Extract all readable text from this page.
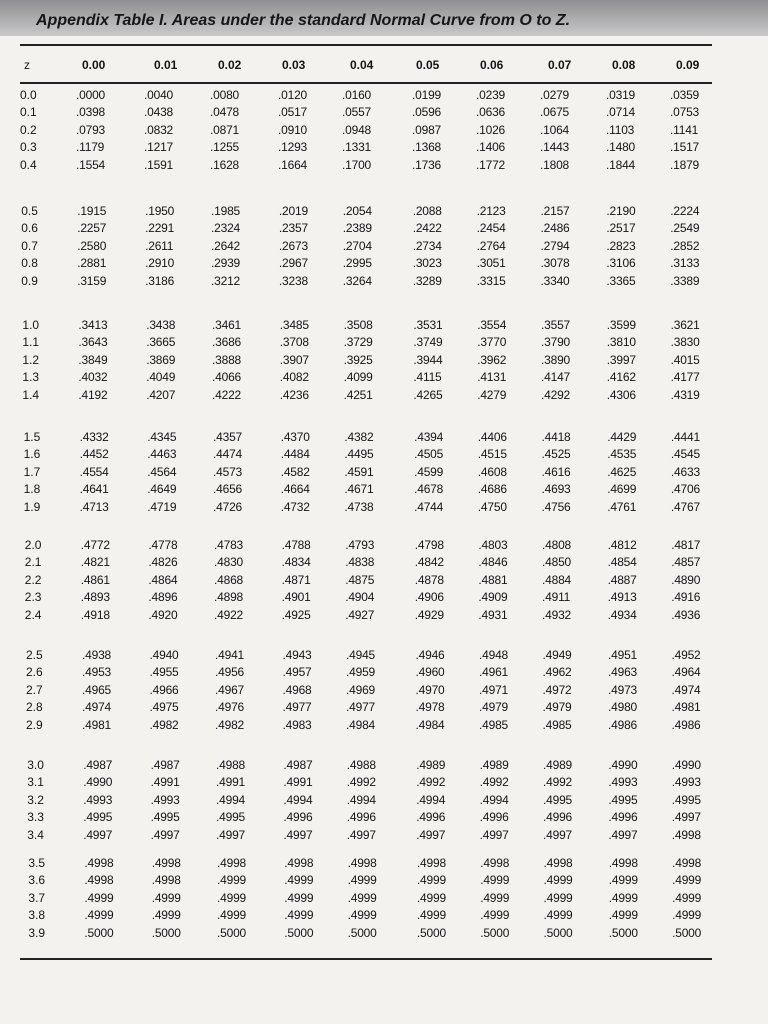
Appendix Table I. Areas under the standard Normal Curve from O to Z.
z	0.00	0.01	0.02	0.03	0.04	0.05	0.06	0.07	0.08	0.09
0.0	.0000	.0040	.0080	.0120	.0160	.0199	.0239	.0279	.0319	.0359
0.1	.0398	.0438	.0478	.0517	.0557	.0596	.0636	.0675	.0714	.0753
0.2	.0793	.0832	.0871	.0910	.0948	.0987	.1026	.1064	.1103	.1141
0.3	.1179	.1217	.1255	.1293	.1331	.1368	.1406	.1443	.1480	.1517
0.4	.1554	.1591	.1628	.1664	.1700	.1736	.1772	.1808	.1844	.1879
0.5	.1915	.1950	.1985	.2019	.2054	.2088	.2123	.2157	.2190	.2224
0.6	.2257	.2291	.2324	.2357	.2389	.2422	.2454	.2486	.2517	.2549
0.7	.2580	.2611	.2642	.2673	.2704	.2734	.2764	.2794	.2823	.2852
0.8	.2881	.2910	.2939	.2967	.2995	.3023	.3051	.3078	.3106	.3133
0.9	.3159	.3186	.3212	.3238	.3264	.3289	.3315	.3340	.3365	.3389
1.0	.3413	.3438	.3461	.3485	.3508	.3531	.3554	.3557	.3599	.3621
1.1	.3643	.3665	.3686	.3708	.3729	.3749	.3770	.3790	.3810	.3830
1.2	.3849	.3869	.3888	.3907	.3925	.3944	.3962	.3890	.3997	.4015
1.3	.4032	.4049	.4066	.4082	.4099	.4115	.4131	.4147	.4162	.4177
1.4	.4192	.4207	.4222	.4236	.4251	.4265	.4279	.4292	.4306	.4319
1.5	.4332	.4345	.4357	.4370	.4382	.4394	.4406	.4418	.4429	.4441
1.6	.4452	.4463	.4474	.4484	.4495	.4505	.4515	.4525	.4535	.4545
1.7	.4554	.4564	.4573	.4582	.4591	.4599	.4608	.4616	.4625	.4633
1.8	.4641	.4649	.4656	.4664	.4671	.4678	.4686	.4693	.4699	.4706
1.9	.4713	.4719	.4726	.4732	.4738	.4744	.4750	.4756	.4761	.4767
2.0	.4772	.4778	.4783	.4788	.4793	.4798	.4803	.4808	.4812	.4817
2.1	.4821	.4826	.4830	.4834	.4838	.4842	.4846	.4850	.4854	.4857
2.2	.4861	.4864	.4868	.4871	.4875	.4878	.4881	.4884	.4887	.4890
2.3	.4893	.4896	.4898	.4901	.4904	.4906	.4909	.4911	.4913	.4916
2.4	.4918	.4920	.4922	.4925	.4927	.4929	.4931	.4932	.4934	.4936
2.5	.4938	.4940	.4941	.4943	.4945	.4946	.4948	.4949	.4951	.4952
2.6	.4953	.4955	.4956	.4957	.4959	.4960	.4961	.4962	.4963	.4964
2.7	.4965	.4966	.4967	.4968	.4969	.4970	.4971	.4972	.4973	.4974
2.8	.4974	.4975	.4976	.4977	.4977	.4978	.4979	.4979	.4980	.4981
2.9	.4981	.4982	.4982	.4983	.4984	.4984	.4985	.4985	.4986	.4986
3.0	.4987	.4987	.4988	.4987	.4988	.4989	.4989	.4989	.4990	.4990
3.1	.4990	.4991	.4991	.4991	.4992	.4992	.4992	.4992	.4993	.4993
3.2	.4993	.4993	.4994	.4994	.4994	.4994	.4994	.4995	.4995	.4995
3.3	.4995	.4995	.4995	.4996	.4996	.4996	.4996	.4996	.4996	.4997
3.4	.4997	.4997	.4997	.4997	.4997	.4997	.4997	.4997	.4997	.4998
3.5	.4998	.4998	.4998	.4998	.4998	.4998	.4998	.4998	.4998	.4998
3.6	.4998	.4998	.4999	.4999	.4999	.4999	.4999	.4999	.4999	.4999
3.7	.4999	.4999	.4999	.4999	.4999	.4999	.4999	.4999	.4999	.4999
3.8	.4999	.4999	.4999	.4999	.4999	.4999	.4999	.4999	.4999	.4999
3.9	.5000	.5000	.5000	.5000	.5000	.5000	.5000	.5000	.5000	.5000
